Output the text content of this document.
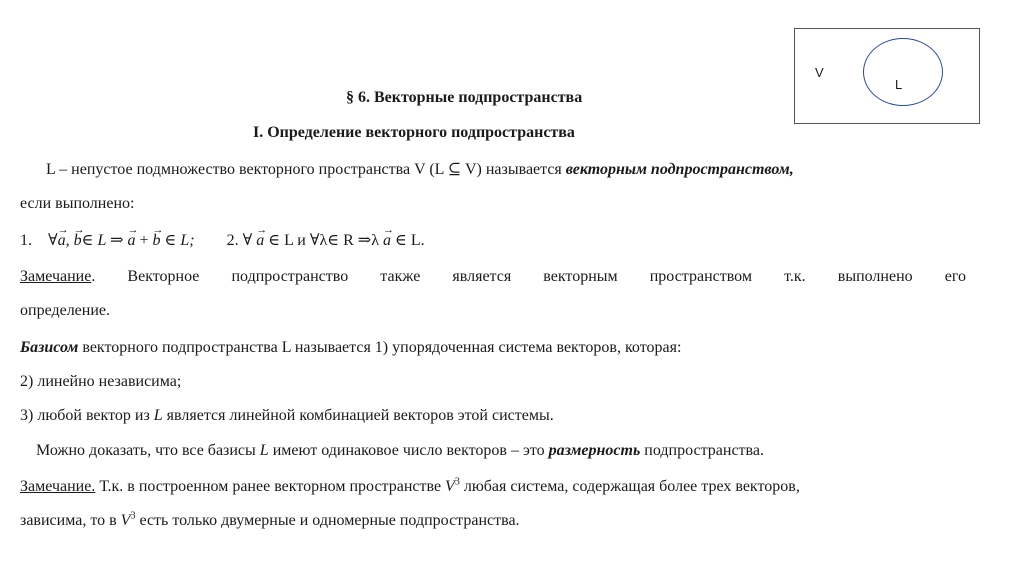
V
L
§ 6. Векторные подпространства
I. Определение векторного подпространства
L – непустое подмножество векторного пространства V (L ⊆ V) называется векторным подпространством,
если выполнено:
1. ∀→ a, → b∈ L ⇒ → a + → b ∈ L; 2. ∀ → a ∈ L и ∀λ∈ R ⇒λ → a ∈ L.
Замечание. Векторное подпространство также является векторным пространством т.к. выполнено его
определение.
Базисом векторного подпространства L называется 1) упорядоченная система векторов, которая:
2) линейно независима;
3) любой вектор из L является линейной комбинацией векторов этой системы.
Можно доказать, что все базисы L имеют одинаковое число векторов – это размерность подпространства.
Замечание. Т.к. в построенном ранее векторном пространстве $V^3$ любая система, содержащая более трех векторов,
зависима, то в $V^3$ есть только двумерные и одномерные подпространства.
